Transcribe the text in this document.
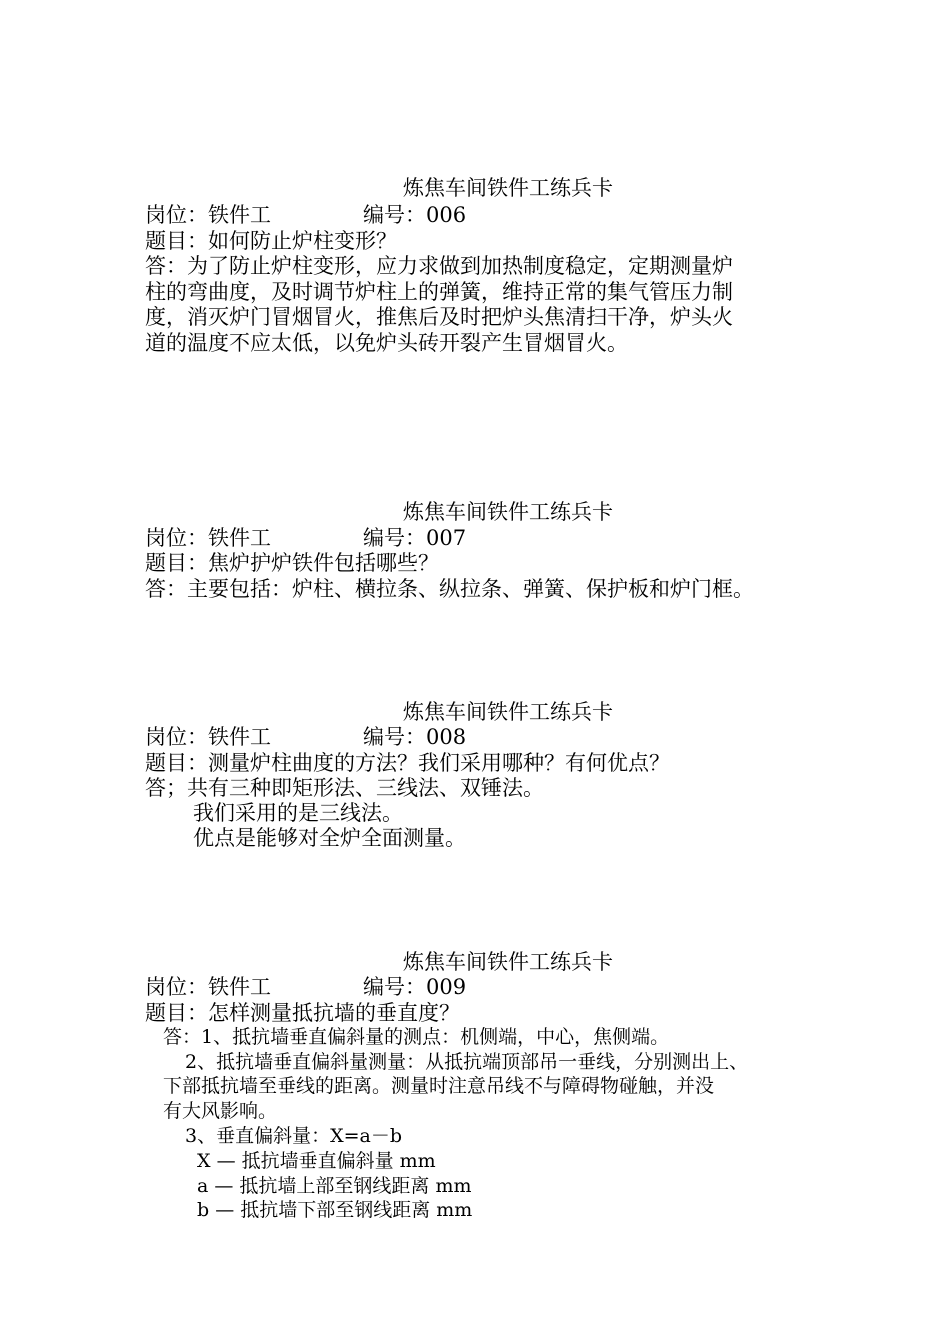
炼焦车间铁件工练兵卡
岗位：铁件工	编号：006
题目：如何防止炉柱变形？
答：为了防止炉柱变形，应力求做到加热制度稳定，定期测量炉
柱的弯曲度，及时调节炉柱上的弹簧，维持正常的集气管压力制
度，消灭炉门冒烟冒火，推焦后及时把炉头焦清扫干净，炉头火
道的温度不应太低，以免炉头砖开裂产生冒烟冒火。
炼焦车间铁件工练兵卡
岗位：铁件工	编号：007
题目：焦炉护炉铁件包括哪些？
答：主要包括：炉柱、横拉条、纵拉条、弹簧、保护板和炉门框。
炼焦车间铁件工练兵卡
岗位：铁件工	编号：008
题目：测量炉柱曲度的方法？我们采用哪种？有何优点？
答；共有三种即矩形法、三线法、双锤法。
我们采用的是三线法。
优点是能够对全炉全面测量。
炼焦车间铁件工练兵卡
岗位：铁件工	编号：009
题目：怎样测量抵抗墙的垂直度？
答：1、抵抗墙垂直偏斜量的测点：机侧端，中心，焦侧端。
2、抵抗墙垂直偏斜量测量：从抵抗端顶部吊一垂线，分别测出上、
下部抵抗墙至垂线的距离。测量时注意吊线不与障碍物碰触，并没
有大风影响。
3、垂直偏斜量：X=a－b
X — 抵抗墙垂直偏斜量 mm
a — 抵抗墙上部至钢线距离 mm
b — 抵抗墙下部至钢线距离 mm
